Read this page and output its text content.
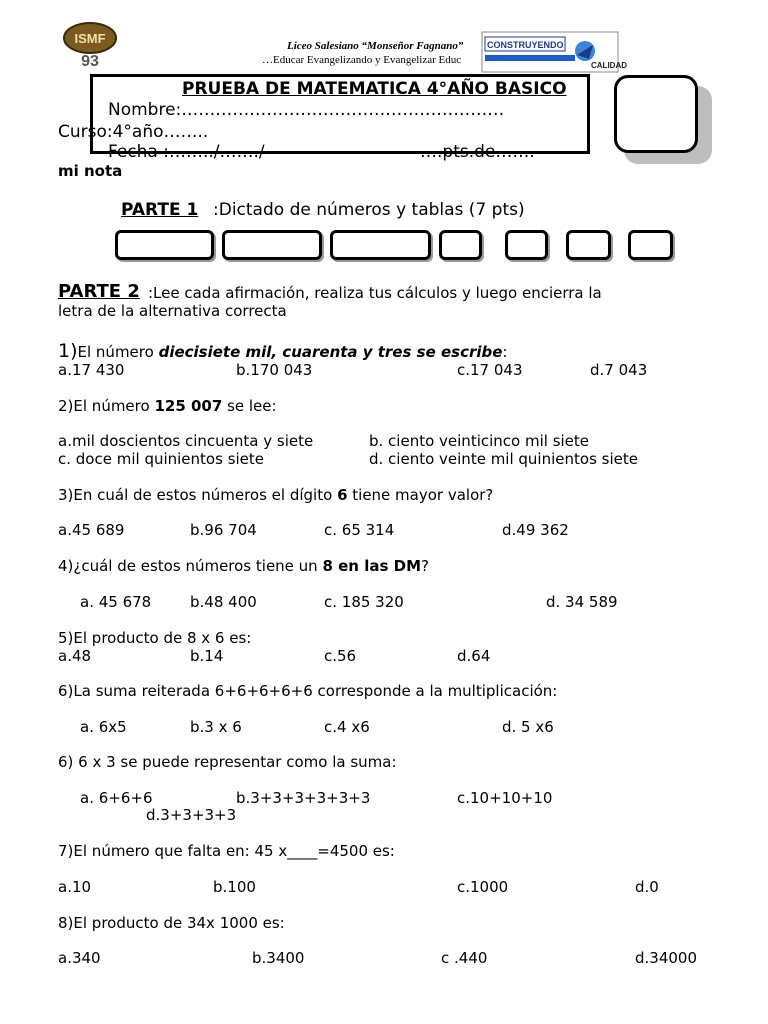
ISMF
93
Liceo Salesiano “Monseñor Fagnano”
…Educar Evangelizando y Evangelizar Educ
CONSTRUYENDO
CALIDAD
PRUEBA DE MATEMATICA 4°AÑO BASICO
Nombre:…………………………………………………
Curso:4°año……..
Fecha :……../……./	….pts.de…….
mi nota
PARTE 1 :Dictado de números y tablas (7 pts)
PARTE 2 :Lee cada afirmación, realiza tus cálculos y luego encierra la
letra de la alternativa correcta
1)El número diecisiete mil, cuarenta y tres se escribe:
a.17 430	b.170 043	c.17 043	d.7 043
2)El número 125 007 se lee:
a.mil doscientos cincuenta y siete	b. ciento veinticinco mil siete
c. doce mil quinientos siete	d. ciento veinte mil quinientos siete
3)En cuál de estos números el dígito 6 tiene mayor valor?
a.45 689	b.96 704	c. 65 314	d.49 362
4)¿cuál de estos números tiene un 8 en las DM?
a. 45 678	b.48 400	c. 185 320	d. 34 589
5)El producto de 8 x 6 es:
a.48	b.14	c.56	d.64
6)La suma reiterada 6+6+6+6+6 corresponde a la multiplicación:
a. 6x5	b.3 x 6	c.4 x6	d. 5 x6
6) 6 x 3 se puede representar como la suma:
a. 6+6+6	b.3+3+3+3+3+3	c.10+10+10
d.3+3+3+3
7)El número que falta en: 45 x____=4500 es:
a.10	b.100	c.1000	d.0
8)El producto de 34x 1000 es:
a.340	b.3400	c .440	d.34000
